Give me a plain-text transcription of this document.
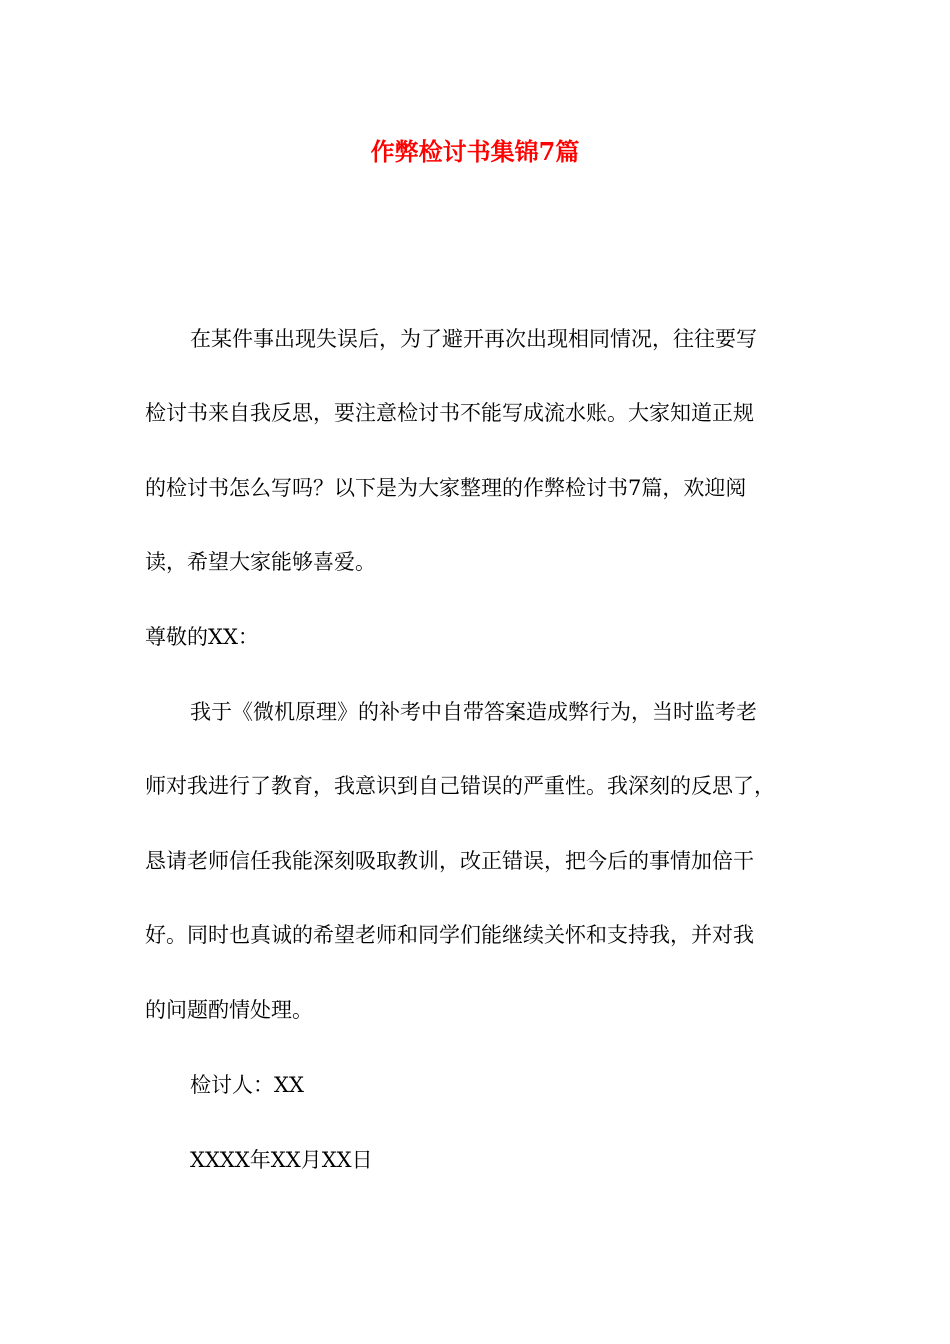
作弊检讨书集锦7篇
在某件事出现失误后，为了避开再次出现相同情况，往往要写
检讨书来自我反思，要注意检讨书不能写成流水账。大家知道正规
的检讨书怎么写吗？以下是为大家整理的作弊检讨书7篇，欢迎阅
读，希望大家能够喜爱。
尊敬的XX：
我于《微机原理》的补考中自带答案造成弊行为，当时监考老
师对我进行了教育，我意识到自己错误的严重性。我深刻的反思了，
恳请老师信任我能深刻吸取教训，改正错误，把今后的事情加倍干
好。同时也真诚的希望老师和同学们能继续关怀和支持我，并对我
的问题酌情处理。
检讨人：XX
XXXX年XX月XX日
